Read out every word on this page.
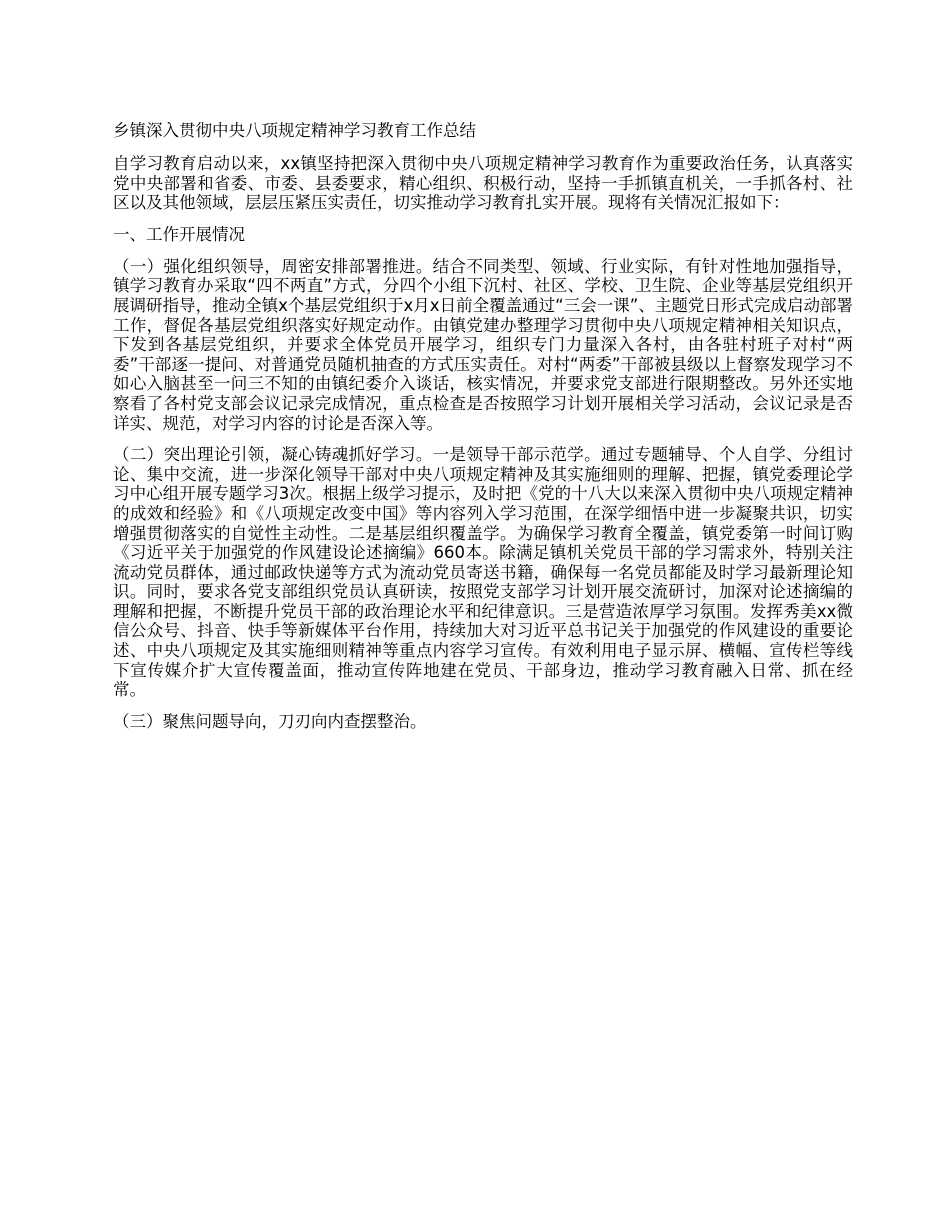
乡镇深入贯彻中央八项规定精神学习教育工作总结

自学习教育启动以来，xx镇坚持把深入贯彻中央八项规定精神学习教育作为重要政治任务，认真落实党中央部署和省委、市委、县委要求，精心组织、积极行动，坚持一手抓镇直机关，一手抓各村、社区以及其他领域，层层压紧压实责任，切实推动学习教育扎实开展。现将有关情况汇报如下：

一、工作开展情况

（一）强化组织领导，周密安排部署推进。结合不同类型、领域、行业实际，有针对性地加强指导，镇学习教育办采取“四不两直”方式，分四个小组下沉村、社区、学校、卫生院、企业等基层党组织开展调研指导，推动全镇x个基层党组织于x月x日前全覆盖通过“三会一课”、主题党日形式完成启动部署工作，督促各基层党组织落实好规定动作。由镇党建办整理学习贯彻中央八项规定精神相关知识点，下发到各基层党组织，并要求全体党员开展学习，组织专门力量深入各村，由各驻村班子对村“两委”干部逐一提问、对普通党员随机抽查的方式压实责任。对村“两委”干部被县级以上督察发现学习不如心入脑甚至一问三不知的由镇纪委介入谈话，核实情况，并要求党支部进行限期整改。另外还实地察看了各村党支部会议记录完成情况，重点检查是否按照学习计划开展相关学习活动，会议记录是否详实、规范，对学习内容的讨论是否深入等。

（二）突出理论引领，凝心铸魂抓好学习。一是领导干部示范学。通过专题辅导、个人自学、分组讨论、集中交流，进一步深化领导干部对中央八项规定精神及其实施细则的理解、把握，镇党委理论学习中心组开展专题学习3次。根据上级学习提示，及时把《党的十八大以来深入贯彻中央八项规定精神的成效和经验》和《八项规定改变中国》等内容列入学习范围，在深学细悟中进一步凝聚共识，切实增强贯彻落实的自觉性主动性。二是基层组织覆盖学。为确保学习教育全覆盖，镇党委第一时间订购《习近平关于加强党的作风建设论述摘编》660本。除满足镇机关党员干部的学习需求外，特别关注流动党员群体，通过邮政快递等方式为流动党员寄送书籍，确保每一名党员都能及时学习最新理论知识。同时，要求各党支部组织党员认真研读，按照党支部学习计划开展交流研讨，加深对论述摘编的理解和把握，不断提升党员干部的政治理论水平和纪律意识。三是营造浓厚学习氛围。发挥秀美xx微信公众号、抖音、快手等新媒体平台作用，持续加大对习近平总书记关于加强党的作风建设的重要论述、中央八项规定及其实施细则精神等重点内容学习宣传。有效利用电子显示屏、横幅、宣传栏等线下宣传媒介扩大宣传覆盖面，推动宣传阵地建在党员、干部身边，推动学习教育融入日常、抓在经常。

（三）聚焦问题导向，刀刃向内查摆整治。
